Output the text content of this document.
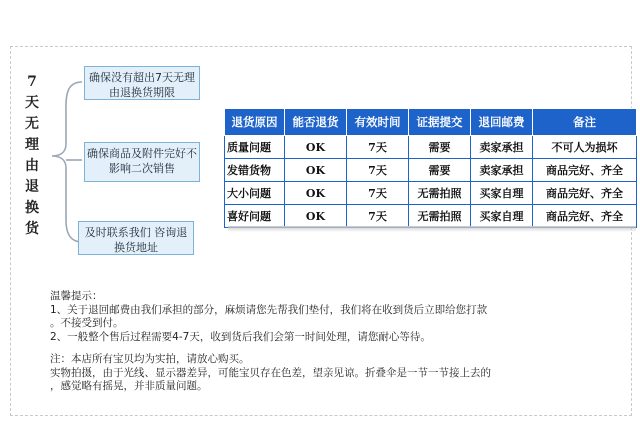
7
天
无
理
由
退
换
货
确保没有超出7天无理由退换货期限
确保商品及附件完好不影响二次销售
及时联系我们 咨询退换货地址
退货原因	能否退货	有效时间	证据提交	退回邮费	备注
质量问题	OK	7天	需要	卖家承担	不可人为损坏
发错货物	OK	7天	需要	卖家承担	商品完好、齐全
大小问题	OK	7天	无需拍照	买家自理	商品完好、齐全
喜好问题	OK	7天	无需拍照	买家自理	商品完好、齐全

温馨提示：

1、关于退回邮费由我们承担的部分，麻烦请您先帮我们垫付，我们将在收到货后立即给您打款

。不接受到付。

2、一般整个售后过程需要4-7天，收到货后我们会第一时间处理，请您耐心等待。

注：本店所有宝贝均为实拍，请放心购买。

实物拍摄，由于光线、显示器差异，可能宝贝存在色差，望亲见谅。折叠伞是一节一节接上去的

，感觉略有摇晃，并非质量问题。
